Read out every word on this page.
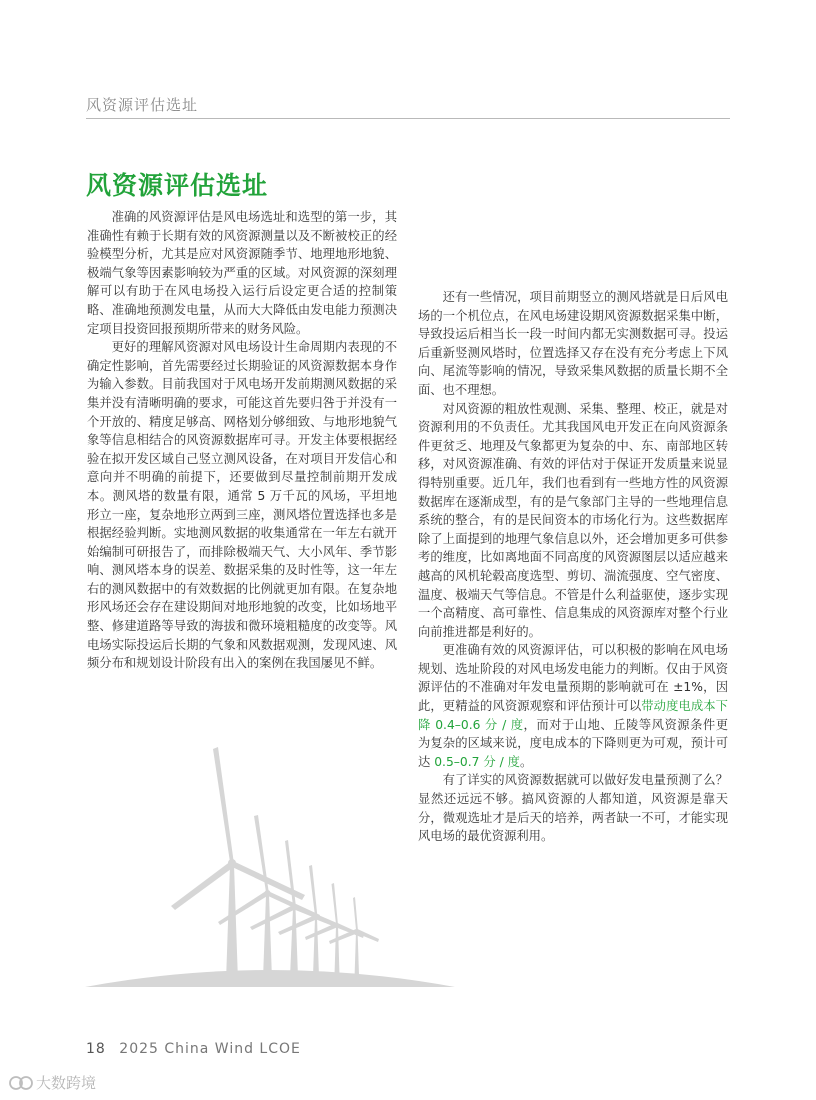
风资源评估选址
风资源评估选址

准确的风资源评估是风电场选址和选型的第一步，其准确性有赖于长期有效的风资源测量以及不断被校正的经验模型分析，尤其是应对风资源随季节、地理地形地貌、极端气象等因素影响较为严重的区域。对风资源的深刻理解可以有助于在风电场投入运行后设定更合适的控制策略、准确地预测发电量，从而大大降低由发电能力预测决定项目投资回报预期所带来的财务风险。

更好的理解风资源对风电场设计生命周期内表现的不确定性影响，首先需要经过长期验证的风资源数据本身作为输入参数。目前我国对于风电场开发前期测风数据的采集并没有清晰明确的要求，可能这首先要归咎于并没有一个开放的、精度足够高、网格划分够细致、与地形地貌气象等信息相结合的风资源数据库可寻。开发主体要根据经验在拟开发区域自己竖立测风设备，在对项目开发信心和意向并不明确的前提下，还要做到尽量控制前期开发成本。测风塔的数量有限，通常 5 万千瓦的风场，平坦地形立一座，复杂地形立两到三座，测风塔位置选择也多是根据经验判断。实地测风数据的收集通常在一年左右就开始编制可研报告了，而排除极端天气、大小风年、季节影响、测风塔本身的误差、数据采集的及时性等，这一年左右的测风数据中的有效数据的比例就更加有限。在复杂地形风场还会存在建设期间对地形地貌的改变，比如场地平整、修建道路等导致的海拔和微环境粗糙度的改变等。风电场实际投运后长期的气象和风数据观测，发现风速、风频分布和规划设计阶段有出入的案例在我国屡见不鲜。

还有一些情况，项目前期竖立的测风塔就是日后风电场的一个机位点，在风电场建设期风资源数据采集中断，导致投运后相当长一段一时间内都无实测数据可寻。投运后重新竖测风塔时，位置选择又存在没有充分考虑上下风向、尾流等影响的情况，导致采集风数据的质量长期不全面、也不理想。

对风资源的粗放性观测、采集、整理、校正，就是对资源利用的不负责任。尤其我国风电开发正在向风资源条件更贫乏、地理及气象都更为复杂的中、东、南部地区转移，对风资源准确、有效的评估对于保证开发质量来说显得特别重要。近几年，我们也看到有一些地方性的风资源数据库在逐渐成型，有的是气象部门主导的一些地理信息系统的整合，有的是民间资本的市场化行为。这些数据库除了上面提到的地理气象信息以外，还会增加更多可供参考的维度，比如离地面不同高度的风资源图层以适应越来越高的风机轮毂高度选型、剪切、湍流强度、空气密度、温度、极端天气等信息。不管是什么利益驱使，逐步实现一个高精度、高可靠性、信息集成的风资源库对整个行业向前推进都是利好的。

更准确有效的风资源评估，可以积极的影响在风电场规划、选址阶段的对风电场发电能力的判断。仅由于风资源评估的不准确对年发电量预期的影响就可在 ±1%，因此，更精益的风资源观察和评估预计可以带动度电成本下降 0.4–0.6 分 / 度，而对于山地、丘陵等风资源条件更为复杂的区域来说，度电成本的下降则更为可观，预计可达 0.5–0.7 分 / 度。

有了详实的风资源数据就可以做好发电量预测了么？显然还远远不够。搞风资源的人都知道，风资源是靠天分，微观选址才是后天的培养，两者缺一不可，才能实现风电场的最优资源利用。

18 2025 China Wind LCOE
大数跨境
